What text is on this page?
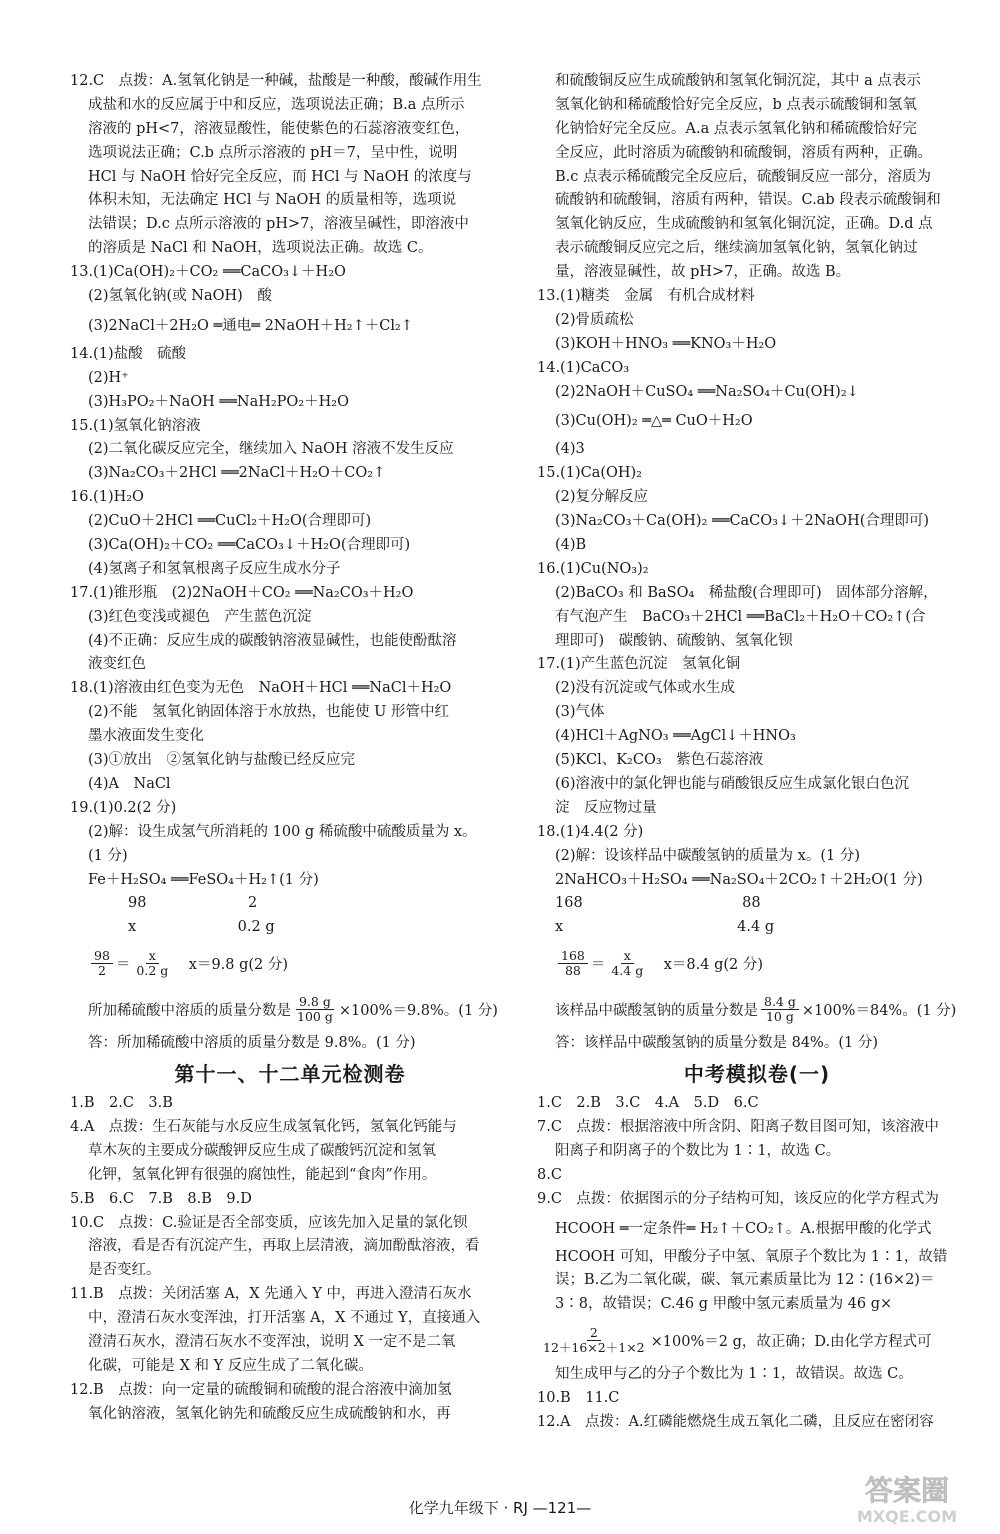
12.C　点拨：A.氢氧化钠是一种碱，盐酸是一种酸，酸碱作用生
成盐和水的反应属于中和反应，选项说法正确；B.a 点所示
溶液的 pH<7，溶液显酸性，能使紫色的石蕊溶液变红色，
选项说法正确；C.b 点所示溶液的 pH＝7，呈中性，说明
HCl 与 NaOH 恰好完全反应，而 HCl 与 NaOH 的浓度与
体积未知，无法确定 HCl 与 NaOH 的质量相等，选项说
法错误；D.c 点所示溶液的 pH>7，溶液呈碱性，即溶液中
的溶质是 NaCl 和 NaOH，选项说法正确。故选 C。
13.(1)Ca(OH)₂＋CO₂ ══CaCO₃↓＋H₂O
(2)氢氧化钠(或 NaOH)　酸
(3)2NaCl＋2H₂O ═通电═ 2NaOH＋H₂↑＋Cl₂↑
14.(1)盐酸　硫酸
(2)H⁺
(3)H₃PO₂＋NaOH ══NaH₂PO₂＋H₂O
15.(1)氢氧化钠溶液
(2)二氧化碳反应完全，继续加入 NaOH 溶液不发生反应
(3)Na₂CO₃＋2HCl ══2NaCl＋H₂O＋CO₂↑
16.(1)H₂O
(2)CuO＋2HCl ══CuCl₂＋H₂O(合理即可)
(3)Ca(OH)₂＋CO₂ ══CaCO₃↓＋H₂O(合理即可)
(4)氢离子和氢氧根离子反应生成水分子
17.(1)锥形瓶　(2)2NaOH＋CO₂ ══Na₂CO₃＋H₂O
(3)红色变浅或褪色　产生蓝色沉淀
(4)不正确：反应生成的碳酸钠溶液显碱性，也能使酚酞溶
液变红色
18.(1)溶液由红色变为无色　NaOH＋HCl ══NaCl＋H₂O
(2)不能　氢氧化钠固体溶于水放热，也能使 U 形管中红
墨水液面发生变化
(3)①放出　②氢氧化钠与盐酸已经反应完
(4)A　NaCl
19.(1)0.2(2 分)
(2)解：设生成氢气所消耗的 100 g 稀硫酸中硫酸质量为 x。
(1 分)
Fe＋H₂SO₄ ══FeSO₄＋H₂↑(1 分)
98　　　　　　　2
x　　　　　　　0.2 g
$\frac{98}{2} = \frac{x}{0.2 g}$ 　x＝9.8 g(2 分)
所加稀硫酸中溶质的质量分数是 $\frac{9.8 g}{100 g} \times 100\%=9.8\%$。(1 分)
答：所加稀硫酸中溶质的质量分数是 9.8%。(1 分)
第十一、十二单元检测卷
1.B　2.C　3.B
4.A　点拨：生石灰能与水反应生成氢氧化钙，氢氧化钙能与
草木灰的主要成分碳酸钾反应生成了碳酸钙沉淀和氢氧
化钾，氢氧化钾有很强的腐蚀性，能起到“食肉”作用。
5.B　6.C　7.B　8.B　9.D
10.C　点拨：C.验证是否全部变质，应该先加入足量的氯化钡
溶液，看是否有沉淀产生，再取上层清液，滴加酚酞溶液，看
是否变红。
11.B　点拨：关闭活塞 A，X 先通入 Y 中，再进入澄清石灰水
中，澄清石灰水变浑浊，打开活塞 A，X 不通过 Y，直接通入
澄清石灰水，澄清石灰水不变浑浊，说明 X 一定不是二氧
化碳，可能是 X 和 Y 反应生成了二氧化碳。
12.B　点拨：向一定量的硫酸铜和硫酸的混合溶液中滴加氢
氧化钠溶液，氢氧化钠先和硫酸反应生成硫酸钠和水，再
和硫酸铜反应生成硫酸钠和氢氧化铜沉淀，其中 a 点表示
氢氧化钠和稀硫酸恰好完全反应，b 点表示硫酸铜和氢氧
化钠恰好完全反应。A.a 点表示氢氧化钠和稀硫酸恰好完
全反应，此时溶质为硫酸钠和硫酸铜，溶质有两种，正确。
B.c 点表示稀硫酸完全反应后，硫酸铜反应一部分，溶质为
硫酸钠和硫酸铜，溶质有两种，错误。C.ab 段表示硫酸铜和
氢氧化钠反应，生成硫酸钠和氢氧化铜沉淀，正确。D.d 点
表示硫酸铜反应完之后，继续滴加氢氧化钠，氢氧化钠过
量，溶液显碱性，故 pH>7，正确。故选 B。
13.(1)糖类　金属　有机合成材料
(2)骨质疏松
(3)KOH＋HNO₃ ══KNO₃＋H₂O
14.(1)CaCO₃
(2)2NaOH＋CuSO₄ ══Na₂SO₄＋Cu(OH)₂↓
(3)Cu(OH)₂ ═△═ CuO＋H₂O
(4)3
15.(1)Ca(OH)₂
(2)复分解反应
(3)Na₂CO₃＋Ca(OH)₂ ══CaCO₃↓＋2NaOH(合理即可)
(4)B
16.(1)Cu(NO₃)₂
(2)BaCO₃ 和 BaSO₄　稀盐酸(合理即可)　固体部分溶解，
有气泡产生　BaCO₃＋2HCl ══BaCl₂＋H₂O＋CO₂↑(合
理即可)　碳酸钠、硫酸钠、氢氧化钡
17.(1)产生蓝色沉淀　氢氧化铜
(2)没有沉淀或气体或水生成
(3)气体
(4)HCl＋AgNO₃ ══AgCl↓＋HNO₃
(5)KCl、K₂CO₃　紫色石蕊溶液
(6)溶液中的氯化钾也能与硝酸银反应生成氯化银白色沉
淀　反应物过量
18.(1)4.4(2 分)
(2)解：设该样品中碳酸氢钠的质量为 x。(1 分)
2NaHCO₃＋H₂SO₄ ══Na₂SO₄＋2CO₂↑＋2H₂O(1 分)
168　　　　　　　　　　　88
x　　　　　　　　　　　　4.4 g
$\frac{168}{88} = \frac{x}{4.4 g}$ 　x＝8.4 g(2 分)
该样品中碳酸氢钠的质量分数是 $\frac{8.4 g}{10 g} \times 100\%=84\%$。(1 分)
答：该样品中碳酸氢钠的质量分数是 84%。(1 分)
中考模拟卷(一)
1.C　2.B　3.C　4.A　5.D　6.C
7.C　点拨：根据溶液中所含阴、阳离子数目图可知，该溶液中
阳离子和阴离子的个数比为 1∶1，故选 C。
8.C
9.C　点拨：依据图示的分子结构可知，该反应的化学方程式为
HCOOH ═一定条件═ H₂↑＋CO₂↑。A.根据甲酸的化学式
HCOOH 可知，甲酸分子中氢、氧原子个数比为 1∶1，故错
误；B.乙为二氧化碳，碳、氧元素质量比为 12∶(16×2)＝
3∶8，故错误；C.46 g 甲酸中氢元素质量为 46 g×
$\frac{2}{12+16\times 2+1\times 2} \times 100\%=2$ g，故正确；D.由化学方程式可
知生成甲与乙的分子个数比为 1∶1，故错误。故选 C。
10.B　11.C
12.A　点拨：A.红磷能燃烧生成五氧化二磷，且反应在密闭容
化学九年级下 · RJ —121—
答案圈
MXQE.COM
